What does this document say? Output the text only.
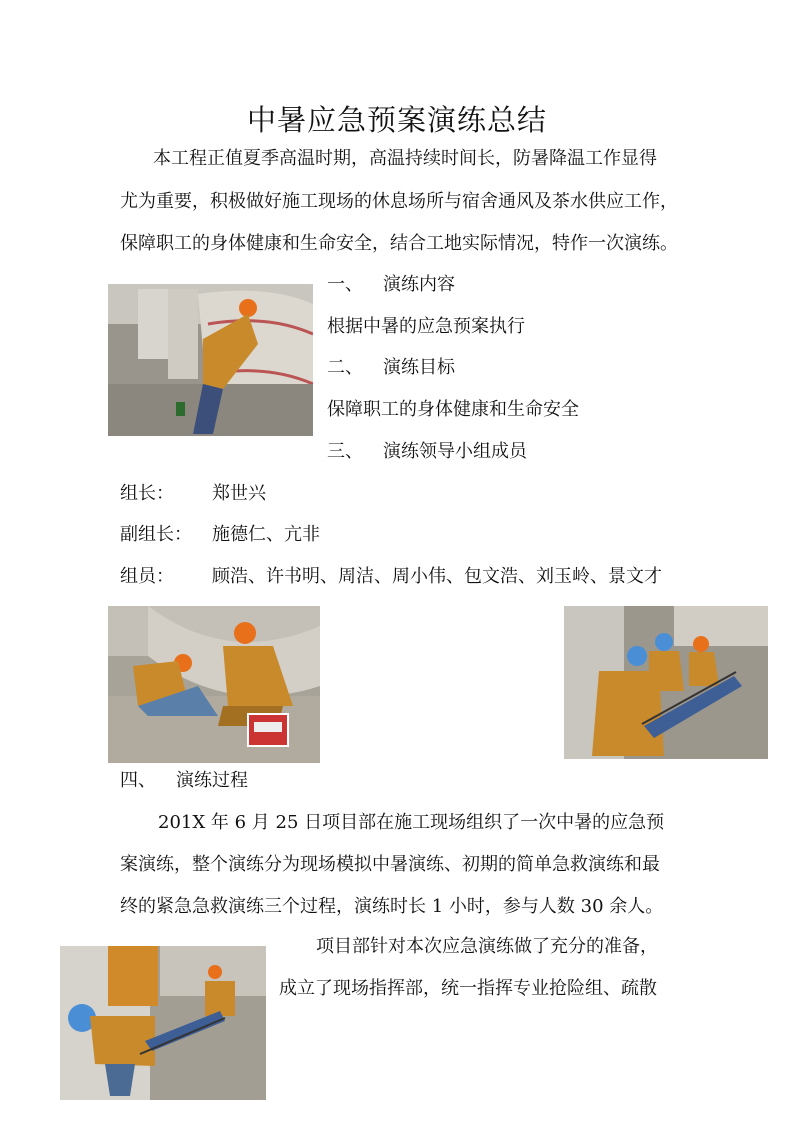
中暑应急预案演练总结
本工程正值夏季高温时期，高温持续时间长，防暑降温工作显得
尤为重要，积极做好施工现场的休息场所与宿舍通风及茶水供应工作，
保障职工的身体健康和生命安全，结合工地实际情况，特作一次演练。
一、 演练内容
根据中暑的应急预案执行
二、 演练目标
保障职工的身体健康和生命安全
三、 演练领导小组成员
组长： 郑世兴
副组长： 施德仁、亢非
组员： 顾浩、许书明、周洁、周小伟、包文浩、刘玉岭、景文才
四、 演练过程
201X 年 6 月 25 日项目部在施工现场组织了一次中暑的应急预
案演练，整个演练分为现场模拟中暑演练、初期的简单急救演练和最
终的紧急急救演练三个过程，演练时长 1 小时，参与人数 30 余人。
项目部针对本次应急演练做了充分的准备，
成立了现场指挥部，统一指挥专业抢险组、疏散
